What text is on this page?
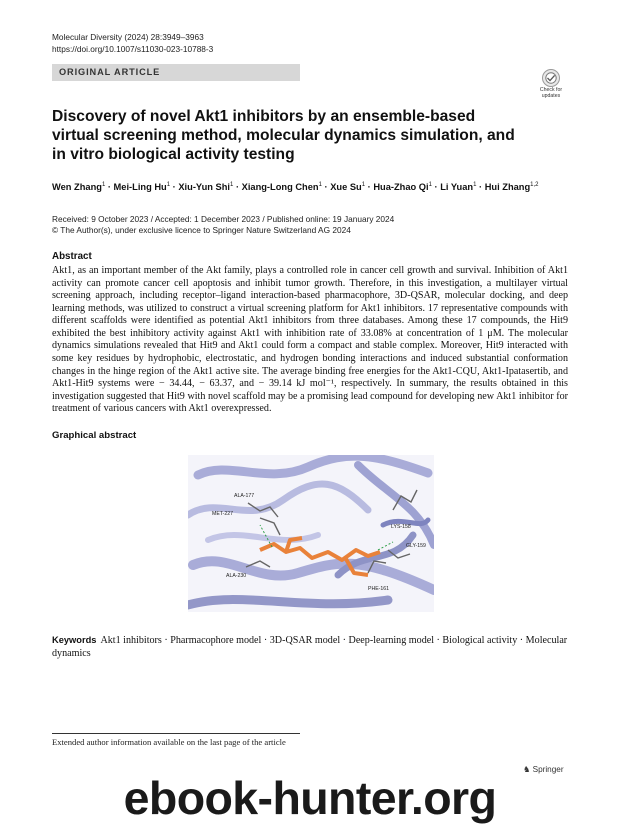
Molecular Diversity (2024) 28:3949–3963
https://doi.org/10.1007/s11030-023-10788-3
ORIGINAL ARTICLE
Check for
updates
Discovery of novel Akt1 inhibitors by an ensemble-based virtual screening method, molecular dynamics simulation, and in vitro biological activity testing
Wen Zhang$^1$ · Mei-Ling $Hu^1 \cdot Xiu-Yun$ Shi$^1$ · Xiang-Long Chen$^1$ · Xue $Su^1$ · Hua-Zhao $Qi^1 \cdot Li$ Yuan$^1$ · Hui Zhang$^{1,2}$
Received: 9 October 2023 / Accepted: 1 December 2023 / Published online: 19 January 2024
© The Author(s), under exclusive licence to Springer Nature Switzerland AG 2024
Abstract
Akt1, as an important member of the Akt family, plays a controlled role in cancer cell growth and survival. Inhibition of Akt1 activity can promote cancer cell apoptosis and inhibit tumor growth. Therefore, in this investigation, a multilayer virtual screening approach, including receptor–ligand interaction-based pharmacophore, 3D-QSAR, molecular docking, and deep learning methods, was utilized to construct a virtual screening platform for Akt1 inhibitors. 17 representative compounds with different scaffolds were identified as potential Akt1 inhibitors from three databases. Among these 17 compounds, the Hit9 exhibited the best inhibitory activity against Akt1 with inhibition rate of 33.08% at concentration of 1 μM. The molecular dynamics simulations revealed that Hit9 and Akt1 could form a compact and stable complex. Moreover, Hit9 interacted with some key residues by hydrophobic, electrostatic, and hydrogen bonding interactions and induced substantial conformation changes in the hinge region of the Akt1 active site. The average binding free energies for the Akt1-CQU, Akt1-Ipatasertib, and Akt1-Hit9 systems were − 34.44, − 63.37, and − 39.14 kJ mol⁻¹, respectively. In summary, the results obtained in this investigation suggested that Hit9 with novel scaffold may be a promising lead compound for developing new Akt1 inhibitor for treatment of various cancers with Akt1 overexpressed.
Graphical abstract
ALA-177
MET-227
ALA-230
LYS-158
GLY-159
PHE-161
Keywords Akt1 inhibitors · Pharmacophore model · 3D-QSAR model · Deep-learning model · Biological activity · Molecular dynamics
Extended author information available on the last page of the article
♞ Springer
ebook-hunter.org
